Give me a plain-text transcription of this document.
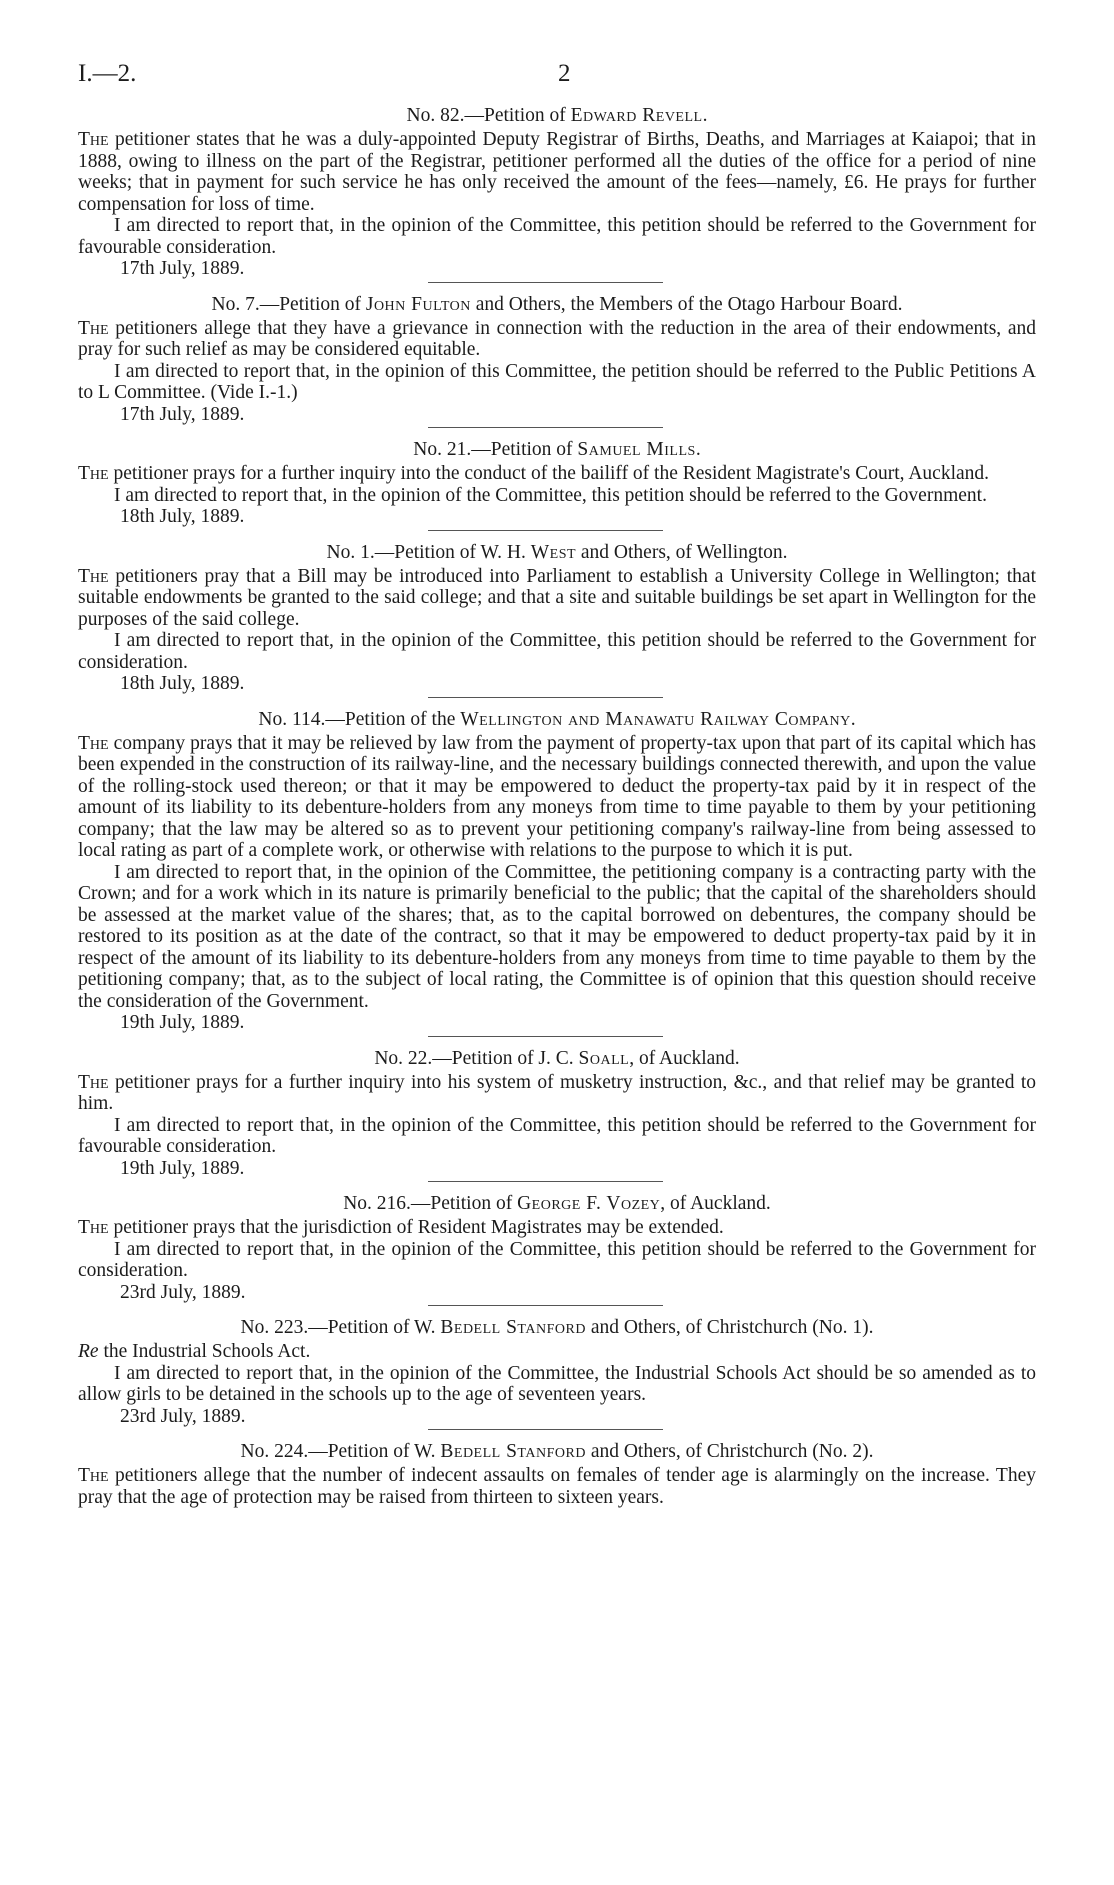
I.—2.	2

No. 82.—Petition of Edward Revell.

The petitioner states that he was a duly-appointed Deputy Registrar of Births, Deaths, and Marriages at Kaiapoi; that in 1888, owing to illness on the part of the Registrar, petitioner performed all the duties of the office for a period of nine weeks; that in payment for such service he has only received the amount of the fees—namely, £6. He prays for further compensation for loss of time.

I am directed to report that, in the opinion of the Committee, this petition should be referred to the Government for favourable consideration.

17th July, 1889.

No. 7.—Petition of John Fulton and Others, the Members of the Otago Harbour Board.

The petitioners allege that they have a grievance in connection with the reduction in the area of their endowments, and pray for such relief as may be considered equitable.

I am directed to report that, in the opinion of this Committee, the petition should be referred to the Public Petitions A to L Committee. (Vide I.-1.)

17th July, 1889.

No. 21.—Petition of Samuel Mills.

The petitioner prays for a further inquiry into the conduct of the bailiff of the Resident Magistrate's Court, Auckland.

I am directed to report that, in the opinion of the Committee, this petition should be referred to the Government.

18th July, 1889.

No. 1.—Petition of W. H. West and Others, of Wellington.

The petitioners pray that a Bill may be introduced into Parliament to establish a University College in Wellington; that suitable endowments be granted to the said college; and that a site and suitable buildings be set apart in Wellington for the purposes of the said college.

I am directed to report that, in the opinion of the Committee, this petition should be referred to the Government for consideration.

18th July, 1889.

No. 114.—Petition of the Wellington and Manawatu Railway Company.

The company prays that it may be relieved by law from the payment of property-tax upon that part of its capital which has been expended in the construction of its railway-line, and the necessary buildings connected therewith, and upon the value of the rolling-stock used thereon; or that it may be empowered to deduct the property-tax paid by it in respect of the amount of its liability to its debenture-holders from any moneys from time to time payable to them by your petitioning company; that the law may be altered so as to prevent your petitioning company's railway-line from being assessed to local rating as part of a complete work, or otherwise with relations to the purpose to which it is put.

I am directed to report that, in the opinion of the Committee, the petitioning company is a contracting party with the Crown; and for a work which in its nature is primarily beneficial to the public; that the capital of the shareholders should be assessed at the market value of the shares; that, as to the capital borrowed on debentures, the company should be restored to its position as at the date of the contract, so that it may be empowered to deduct property-tax paid by it in respect of the amount of its liability to its debenture-holders from any moneys from time to time payable to them by the petitioning company; that, as to the subject of local rating, the Committee is of opinion that this question should receive the consideration of the Government.

19th July, 1889.

No. 22.—Petition of J. C. Soall, of Auckland.

The petitioner prays for a further inquiry into his system of musketry instruction, &c., and that relief may be granted to him.

I am directed to report that, in the opinion of the Committee, this petition should be referred to the Government for favourable consideration.

19th July, 1889.

No. 216.—Petition of George F. Vozey, of Auckland.

The petitioner prays that the jurisdiction of Resident Magistrates may be extended.

I am directed to report that, in the opinion of the Committee, this petition should be referred to the Government for consideration.

23rd July, 1889.

No. 223.—Petition of W. Bedell Stanford and Others, of Christchurch (No. 1).

Re the Industrial Schools Act.

I am directed to report that, in the opinion of the Committee, the Industrial Schools Act should be so amended as to allow girls to be detained in the schools up to the age of seventeen years.

23rd July, 1889.

No. 224.—Petition of W. Bedell Stanford and Others, of Christchurch (No. 2).

The petitioners allege that the number of indecent assaults on females of tender age is alarmingly on the increase. They pray that the age of protection may be raised from thirteen to sixteen years.
